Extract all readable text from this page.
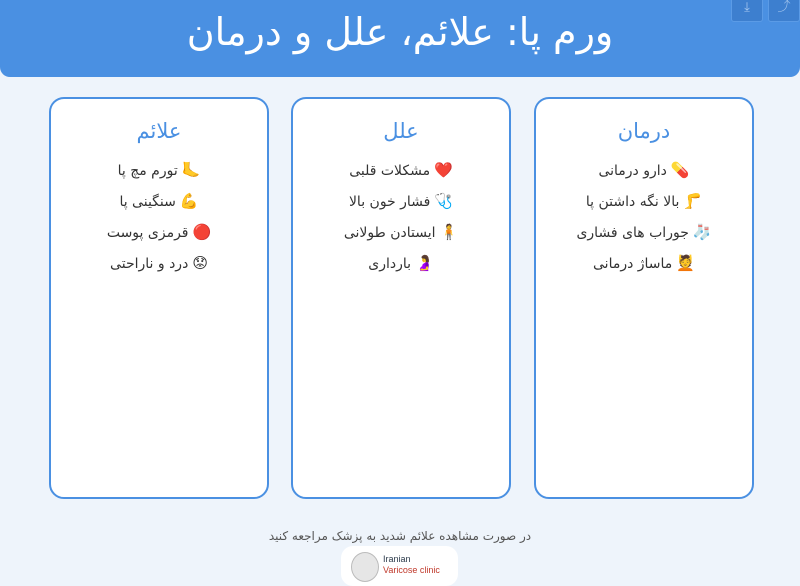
ورم پا: علائم، علل و درمان
⤓	⤴
درمان
💊دارو درمانی
🦵بالا نگه داشتن پا
🧦جوراب های فشاری
💆ماساژ درمانی
علل
❤️مشکلات قلبی
🩺فشار خون بالا
🧍ایستادن طولانی
🤰بارداری
علائم
🦶تورم مچ پا
💪سنگینی پا
🔴قرمزی پوست
😟درد و ناراحتی
در صورت مشاهده علائم شدید به پزشک مراجعه کنید
Iranian
Varicose clinic
